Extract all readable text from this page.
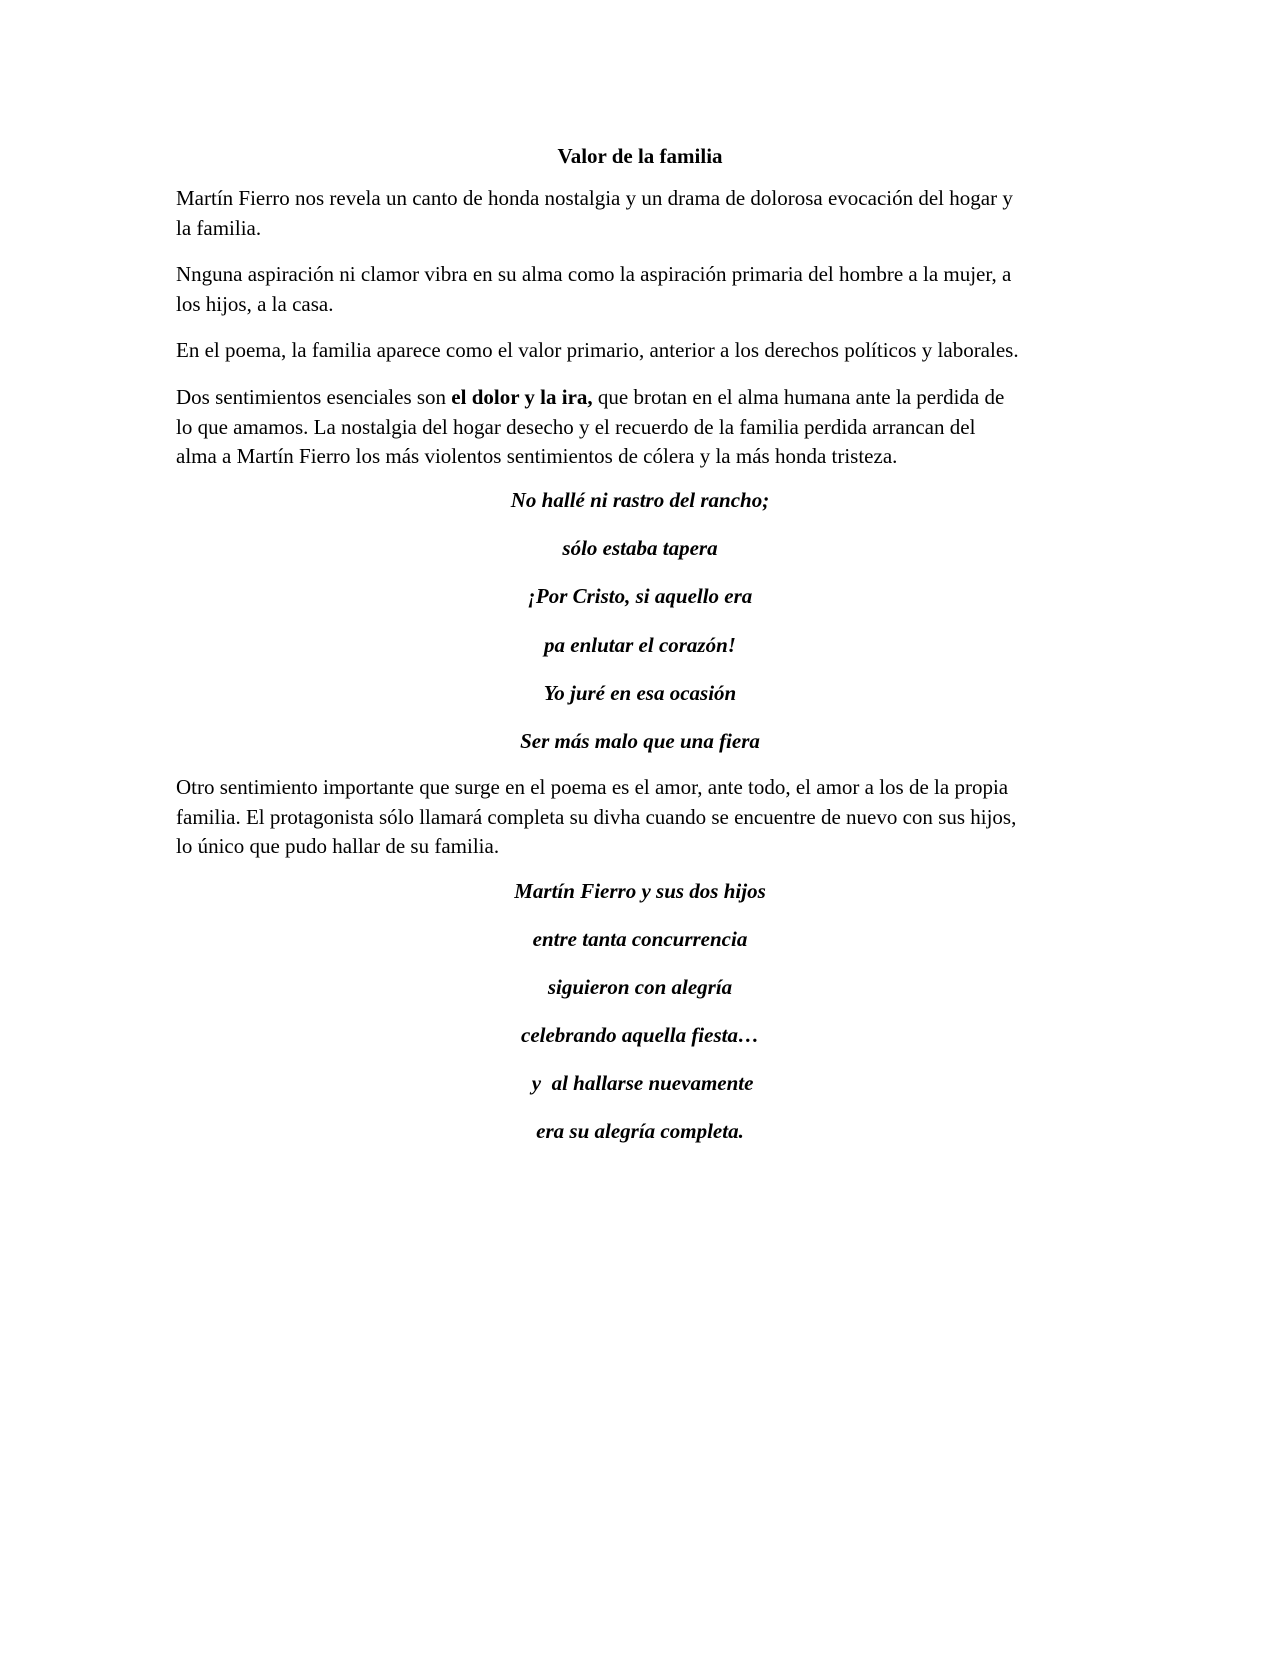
Valor de la familia

Martín Fierro nos revela un canto de honda nostalgia y un drama de dolorosa evocación del hogar y
la familia.

Nnguna aspiración ni clamor vibra en su alma como la aspiración primaria del hombre a la mujer, a
los hijos, a la casa.

En el poema, la familia aparece como el valor primario, anterior a los derechos políticos y laborales.

Dos sentimientos esenciales son el dolor y la ira, que brotan en el alma humana ante la perdida de
lo que amamos. La nostalgia del hogar desecho y el recuerdo de la familia perdida arrancan del
alma a Martín Fierro los más violentos sentimientos de cólera y la más honda tristeza.

No hallé ni rastro del rancho;

sólo estaba tapera

¡Por Cristo, si aquello era

pa enlutar el corazón!

Yo juré en esa ocasión

Ser más malo que una fiera

Otro sentimiento importante que surge en el poema es el amor, ante todo, el amor a los de la propia
familia. El protagonista sólo llamará completa su divha cuando se encuentre de nuevo con sus hijos,
lo único que pudo hallar de su familia.

Martín Fierro y sus dos hijos

entre tanta concurrencia

siguieron con alegría

celebrando aquella fiesta…

y  al hallarse nuevamente

era su alegría completa.
